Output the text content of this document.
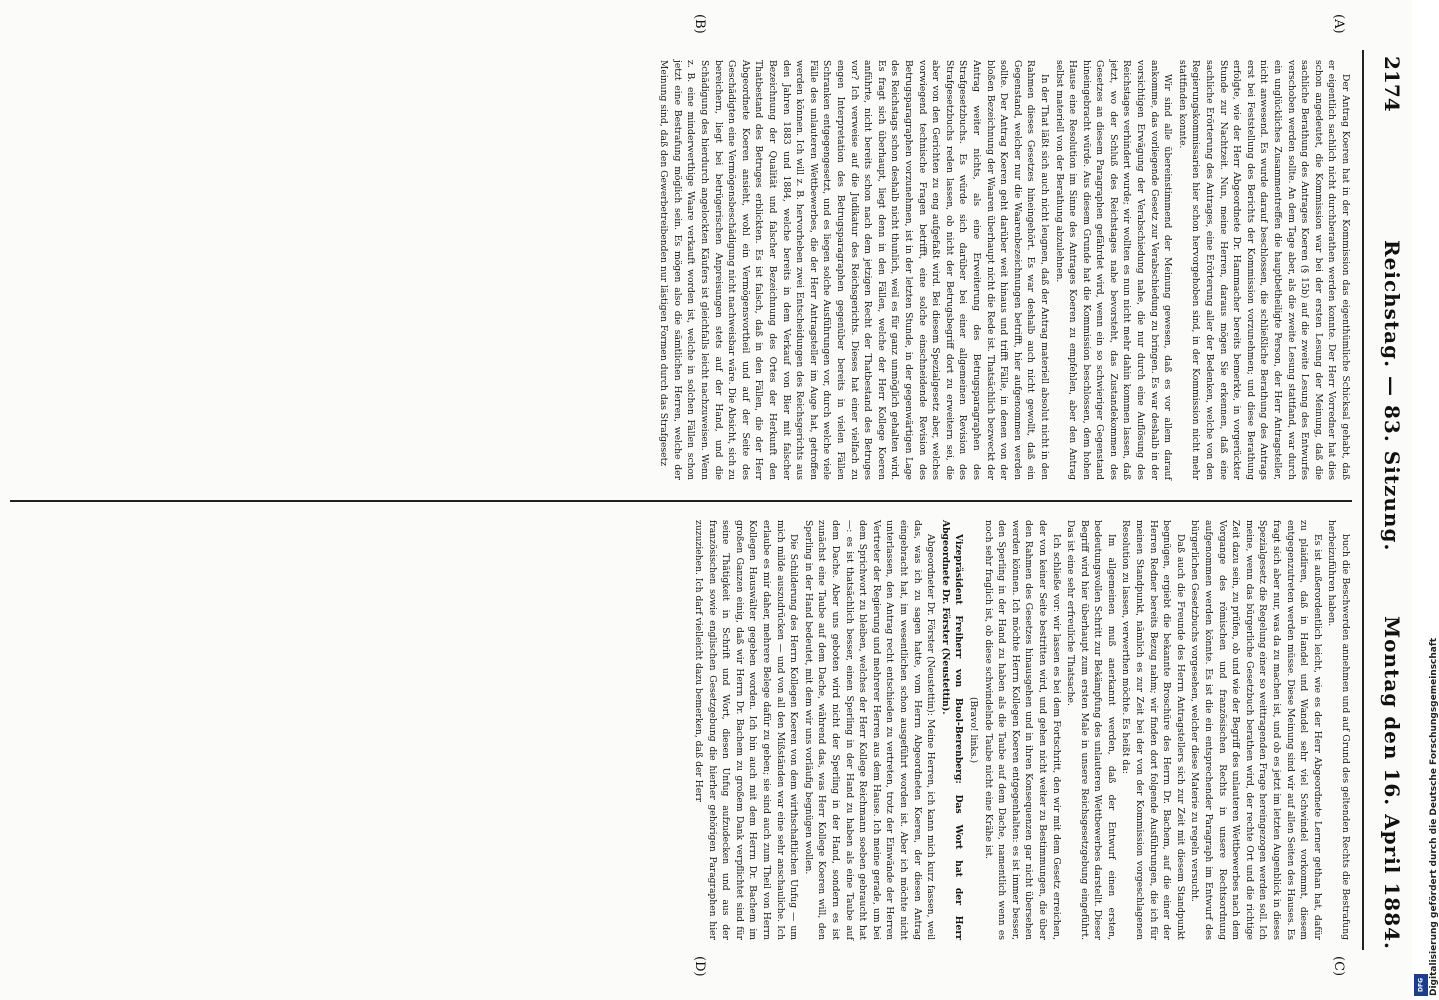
2174
Reichstag. — 83. Sitzung.
Montag den 16. April 1884.
(A)
(B)
(C)
(D)

Der Antrag Koeren hat in der Kommission das eigenthümliche Schicksal gehabt, daß er eigentlich sachlich nicht durchberathen werden konnte. Der Herr Vorredner hat dies schon angedeutet, die Kommission war bei der ersten Lesung der Meinung, daß die sachliche Berathung des Antrages Koeren (§ 15b) auf die zweite Lesung des Entwurfes verschoben werden sollte. An dem Tage aber, als die zweite Lesung stattfand, war durch ein unglückliches Zusammentreffen die hauptbetheiligte Person, der Herr Antragsteller, nicht anwesend. Es wurde darauf beschlossen, die schließliche Berathung des Antrags erst bei Feststellung des Berichts der Kommission vorzunehmen; und diese Berathung erfolgte, wie der Herr Abgeordnete Dr. Hammacher bereits bemerkte, in vorgerückter Stunde zur Nachtzeit. Nun, meine Herren, daraus mögen Sie erkennen, daß eine sachliche Erörterung des Antrages, eine Erörterung aller der Bedenken, welche von den Regierungskommissarien hier schon hervorgehoben sind, in der Kommission nicht mehr stattfinden konnte.

Wir sind alle übereinstimmend der Meinung gewesen, daß es vor allem darauf ankomme, das vorliegende Gesetz zur Verabschiedung zu bringen. Es war deshalb in der vorsichtigen Erwägung der Verabschiedung nahe, die nur durch eine Auflösung des Reichstages verhindert wurde; wir wollten es nun nicht mehr dahin kommen lassen, daß jetzt, wo der Schluß des Reichstages nahe bevorsteht, das Zustandekommen des Gesetzes an diesem Paragraphen gefährdet wird, wenn ein so schwieriger Gegenstand hineingebracht würde. Aus diesem Grunde hat die Kommission beschlossen, dem hohen Hause eine Resolution im Sinne des Antrages Koeren zu empfehlen, aber den Antrag selbst materiell von der Berathung abzulehnen.

In der That läßt sich auch nicht leugnen, daß der Antrag materiell absolut nicht in den Rahmen dieses Gesetzes hineingehört. Es war deshalb auch nicht gewollt, daß ein Gegenstand, welcher nur die Waarenbezeichnungen betrifft, hier aufgenommen werden sollte. Der Antrag Koeren geht darüber weit hinaus und trifft Fälle, in denen von der bloßen Bezeichnung der Waaren überhaupt nicht die Rede ist. Thatsächlich bezweckt der Antrag weiter nichts, als eine Erweiterung des Betrugsparagraphen des Strafgesetzbuchs. Es würde sich darüber bei einer allgemeinen Revision des Strafgesetzbuchs reden lassen, ob nicht der Betrugsbegriff dort zu erweitern sei, die aber von den Gerichten zu eng aufgefaßt wird. Bei diesem Spezialgesetz aber, welches vorwiegend technische Fragen betrifft, eine solche einschneidende Revision des Betrugsparagraphen vorzunehmen, ist in der letzten Stunde, in der gegenwärtigen Lage des Reichstags schon deshalb nicht thunlich, weil es für ganz unmöglich gehalten wird. Es fragt sich überhaupt, liegt denn in den Fällen, welche der Herr Kollege Koeren anführte, nicht bereits schon nach dem jetzigen Recht der Thatbestand des Betruges vor? Ich verweise auf die Judikatur des Reichsgerichts. Dieses hat einer vielfach zu engen Interpretation des Betrugsparagraphen gegenüber bereits in vielen Fällen Schranken entgegengesetzt, und es liegen solche Ausführungen vor, durch welche viele Fälle des unlauteren Wettbewerbes, die der Herr Antragsteller im Auge hat, getroffen werden können. Ich will z. B. hervorheben zwei Entscheidungen des Reichsgerichts aus den Jahren 1883 und 1884, welche bereits in dem Verkauf von Bier mit falscher Bezeichnung der Qualität und falscher Bezeichnung des Ortes der Herkunft den Thatbestand des Betruges erblickten. Es ist falsch, daß in den Fällen, die der Herr Abgeordnete Koeren ansieht, wohl ein Vermögensvortheil und auf der Seite des Geschädigten eine Vermögensbeschädigung nicht nachweisbar wäre. Die Absicht, sich zu bereichern, liegt bei betrügerischen Anpreisungen stets auf der Hand, und die Schädigung des hierdurch angelockten Käufers ist gleichfalls leicht nachzuweisen. Wenn z. B. eine minderwerthige Waare verkauft worden ist, welche in solchen Fällen schon jetzt eine Bestrafung möglich sein. Es mögen also die sämtlichen Herren, welche der Meinung sind, daß den Gewerbetreibenden nur lästigen Formen durch das Strafgesetz

buch die Beschwerden annehmen und auf Grund des geltenden Rechts die Bestrafung herbeizuführen haben.

Es ist außerordentlich leicht, wie es der Herr Abgeordnete Lerner gethan hat, dafür zu plaidiren, daß in Handel und Wandel sehr viel Schwindel vorkommt, diesem entgegenzutreten werden müsse. Diese Meinung sind wir auf allen Seiten des Hauses. Es fragt sich aber nur, was da zu machen ist, und ob es jetzt im letzten Augenblick in dieses Spezialgesetz die Regelung einer so weittragenden Frage hereingezogen werden soll. Ich meine, wenn das bürgerliche Gesetzbuch berathen wird, der rechte Ort und die richtige Zeit dazu sein, zu prüfen, ob und wie der Begriff des unlauteren Wettbewerbes nach dem Vorgange des römischen und französischen Rechts in unsere Rechtsordnung aufgenommen werden könnte. Es ist die ein entsprechender Paragraph im Entwurf des bürgerlichen Gesetzbuchs vorgesehen, welcher diese Materie zu regeln versucht.

Daß auch die Freunde des Herrn Antragstellers sich zur Zeit mit diesem Standpunkt begnügen, ergiebt die bekannte Broschüre des Herrn Dr. Bachem, auf die einer der Herren Redner bereits Bezug nahm; wir finden dort folgende Ausführungen, die ich für meinen Standpunkt, nämlich es zur Zeit bei der von der Kommission vorgeschlagenen Resolution zu lassen, verwerthen möchte. Es heißt da:

Im allgemeinen muß anerkannt werden, daß der Entwurf einen ersten, bedeutungsvollen Schritt zur Bekämpfung des unlauteren Wettbewerbes darstellt. Dieser Begriff wird hier überhaupt zum ersten Male in unsere Reichsgesetzgebung eingeführt. Das ist eine sehr erfreuliche Thatsache.

Ich schließe vor: wir lassen es bei dem Fortschritt, den wir mit dem Gesetz erreichen, der von keiner Seite bestritten wird, und gehen nicht weiter zu Bestimmungen, die über den Rahmen des Gesetzes hinausgehen und in ihren Konsequenzen gar nicht übersehen werden können. Ich möchte Herrn Kollegen Koeren entgegenhalten: es ist immer besser, den Sperling in der Hand zu haben als die Taube auf dem Dache, namentlich wenn es noch sehr fraglich ist, ob diese schwindelnde Taube nicht eine Krähe ist.

(Bravo! links.)

Vizepräsident Freiherr von Buol-Berenberg: Das Wort hat der Herr Abgeordnete Dr. Förster (Neustettin).

Abgeordneter Dr. Förster (Neustettin): Meine Herren, ich kann mich kurz fassen, weil das, was ich zu sagen hatte, vom Herrn Abgeordneten Koeren, der diesen Antrag eingebracht hat, im wesentlichen schon ausgeführt worden ist. Aber ich möchte nicht unterlassen, den Antrag recht entschieden zu vertreten, trotz der Einwände der Herren Vertreter der Regierung und mehrerer Herren aus dem Hause. Ich meine gerade, um bei dem Sprichwort zu bleiben, welches der Herr Kollege Reichmann soeben gebraucht hat —: es ist thatsächlich besser, einen Sperling in der Hand zu haben als eine Taube auf dem Dache. Aber uns geboten wird nicht der Sperling in der Hand, sondern es ist zunächst eine Taube auf dem Dache, während das, was Herr Kollege Koeren will, den Sperling in der Hand bedeutet, mit dem wir uns vorläufig begnügen wollen.

Die Schilderung des Herrn Kollegen Koeren von dem wirthschaftlichen Unfug — um mich milde auszudrücken — und von all den Mißständen war eine sehr anschauliche. Ich erlaube es mir daher, mehrere Belege dafür zu geben; sie sind auch zum Theil von Herrn Kollegen Hauswälter gegeben worden. Ich bin auch mit dem Herrn Dr. Bachem im großen Ganzen einig, daß wir Herrn Dr. Bachem zu großem Dank verpflichtet sind für seine Thätigkeit in Schrift und Wort, diesen Unfug aufzudecken und aus der französischen sowie englischen Gesetzgebung die hierher gehörigen Paragraphen hier zuzuziehen. Ich darf vielleicht dazu bemerken, daß der Herr	Digitalisierung gefördert durch die Deutsche Forschungsgemeinschaft
DFG
